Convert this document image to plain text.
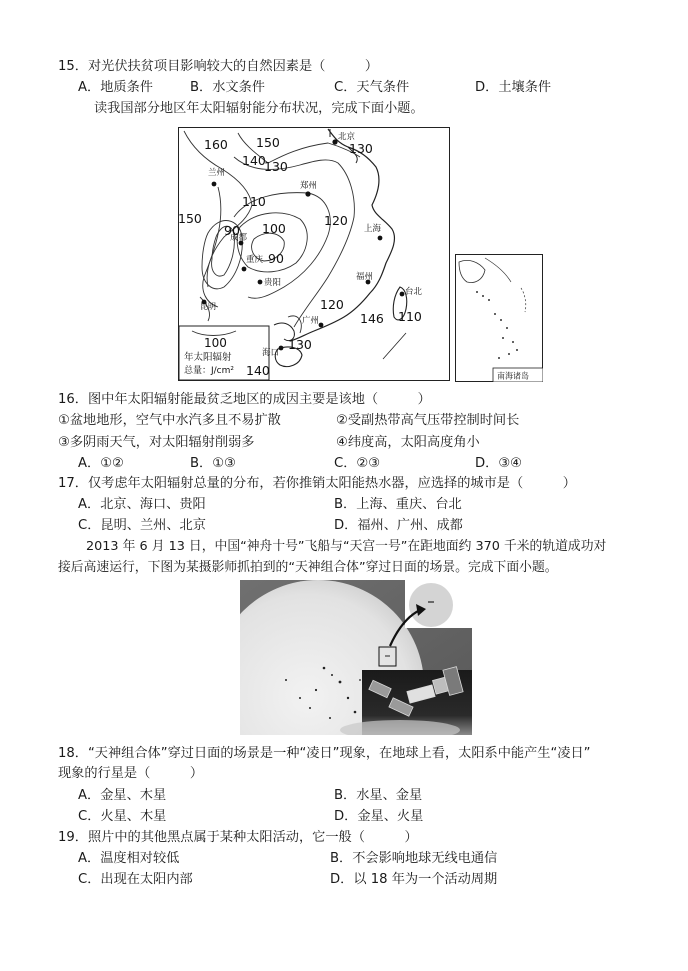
15．对光伏扶贫项目影响较大的自然因素是（　　　）
A．地质条件	B．水文条件	C．天气条件	D．土壤条件
读我国部分地区年太阳辐射能分布状况，完成下面小题。
北京
兰州
郑州
成都
重庆
贵阳
上海
福州
台北
广州
海口
昆明
160 150	130
140
130
110
150	120
90 100
90
120
146 110
130
140
100
年太阳辐射
总量：J/cm²	南海诸岛
16．图中年太阳辐射能最贫乏地区的成因主要是该地（　　　）
①盆地地形，空气中水汽多且不易扩散	②受副热带高气压带控制时间长
③多阴雨天气，对太阳辐射削弱多	④纬度高，太阳高度角小
A．①②	B．①③	C．②③	D．③④
17．仅考虑年太阳辐射总量的分布，若你推销太阳能热水器，应选择的城市是（　　　）
A．北京、海口、贵阳	B．上海、重庆、台北
C．昆明、兰州、北京	D．福州、广州、成都
2013 年 6 月 13 日，中国“神舟十号”飞船与“天宫一号”在距地面约 370 千米的轨道成功对
接后高速运行，下图为某摄影师抓拍到的“天神组合体”穿过日面的场景。完成下面小题。
18．“天神组合体”穿过日面的场景是一种“凌日”现象，在地球上看，太阳系中能产生“凌日”
现象的行星是（　　　）
A．金星、木星	B．水星、金星
C．火星、木星	D．金星、火星
19．照片中的其他黑点属于某种太阳活动，它一般（　　　）
A．温度相对较低	B．不会影响地球无线电通信
C．出现在太阳内部	D．以 18 年为一个活动周期
